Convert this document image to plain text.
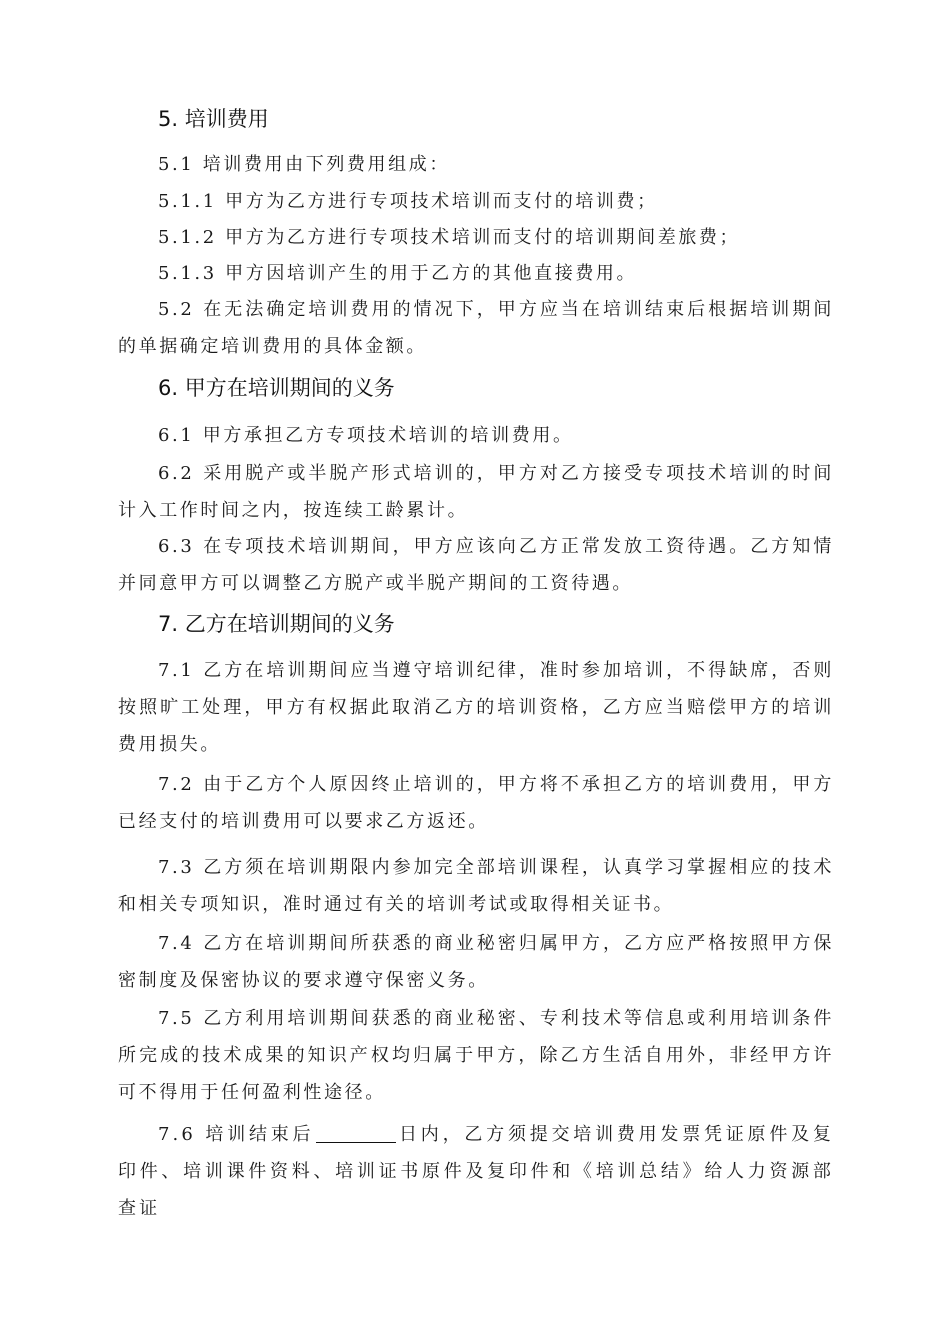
5. 培训费用
5.1 培训费用由下列费用组成：
5.1.1 甲方为乙方进行专项技术培训而支付的培训费；
5.1.2 甲方为乙方进行专项技术培训而支付的培训期间差旅费；
5.1.3 甲方因培训产生的用于乙方的其他直接费用。
5.2 在无法确定培训费用的情况下，甲方应当在培训结束后根据培训期间的单据确定培训费用的具体金额。
6. 甲方在培训期间的义务
6.1 甲方承担乙方专项技术培训的培训费用。
6.2 采用脱产或半脱产形式培训的，甲方对乙方接受专项技术培训的时间计入工作时间之内，按连续工龄累计。
6.3 在专项技术培训期间，甲方应该向乙方正常发放工资待遇。乙方知情并同意甲方可以调整乙方脱产或半脱产期间的工资待遇。
7. 乙方在培训期间的义务
7.1 乙方在培训期间应当遵守培训纪律，准时参加培训，不得缺席，否则按照旷工处理，甲方有权据此取消乙方的培训资格，乙方应当赔偿甲方的培训费用损失。
7.2 由于乙方个人原因终止培训的，甲方将不承担乙方的培训费用，甲方已经支付的培训费用可以要求乙方返还。
7.3 乙方须在培训期限内参加完全部培训课程，认真学习掌握相应的技术和相关专项知识，准时通过有关的培训考试或取得相关证书。
7.4 乙方在培训期间所获悉的商业秘密归属甲方，乙方应严格按照甲方保密制度及保密协议的要求遵守保密义务。
7.5 乙方利用培训期间获悉的商业秘密、专利技术等信息或利用培训条件所完成的技术成果的知识产权均归属于甲方，除乙方生活自用外，非经甲方许可不得用于任何盈利性途径。
7.6 培训结束后	日内，乙方须提交培训费用发票凭证原件及复印件、培训课件资料、培训证书原件及复印件和《培训总结》给人力资源部查证
